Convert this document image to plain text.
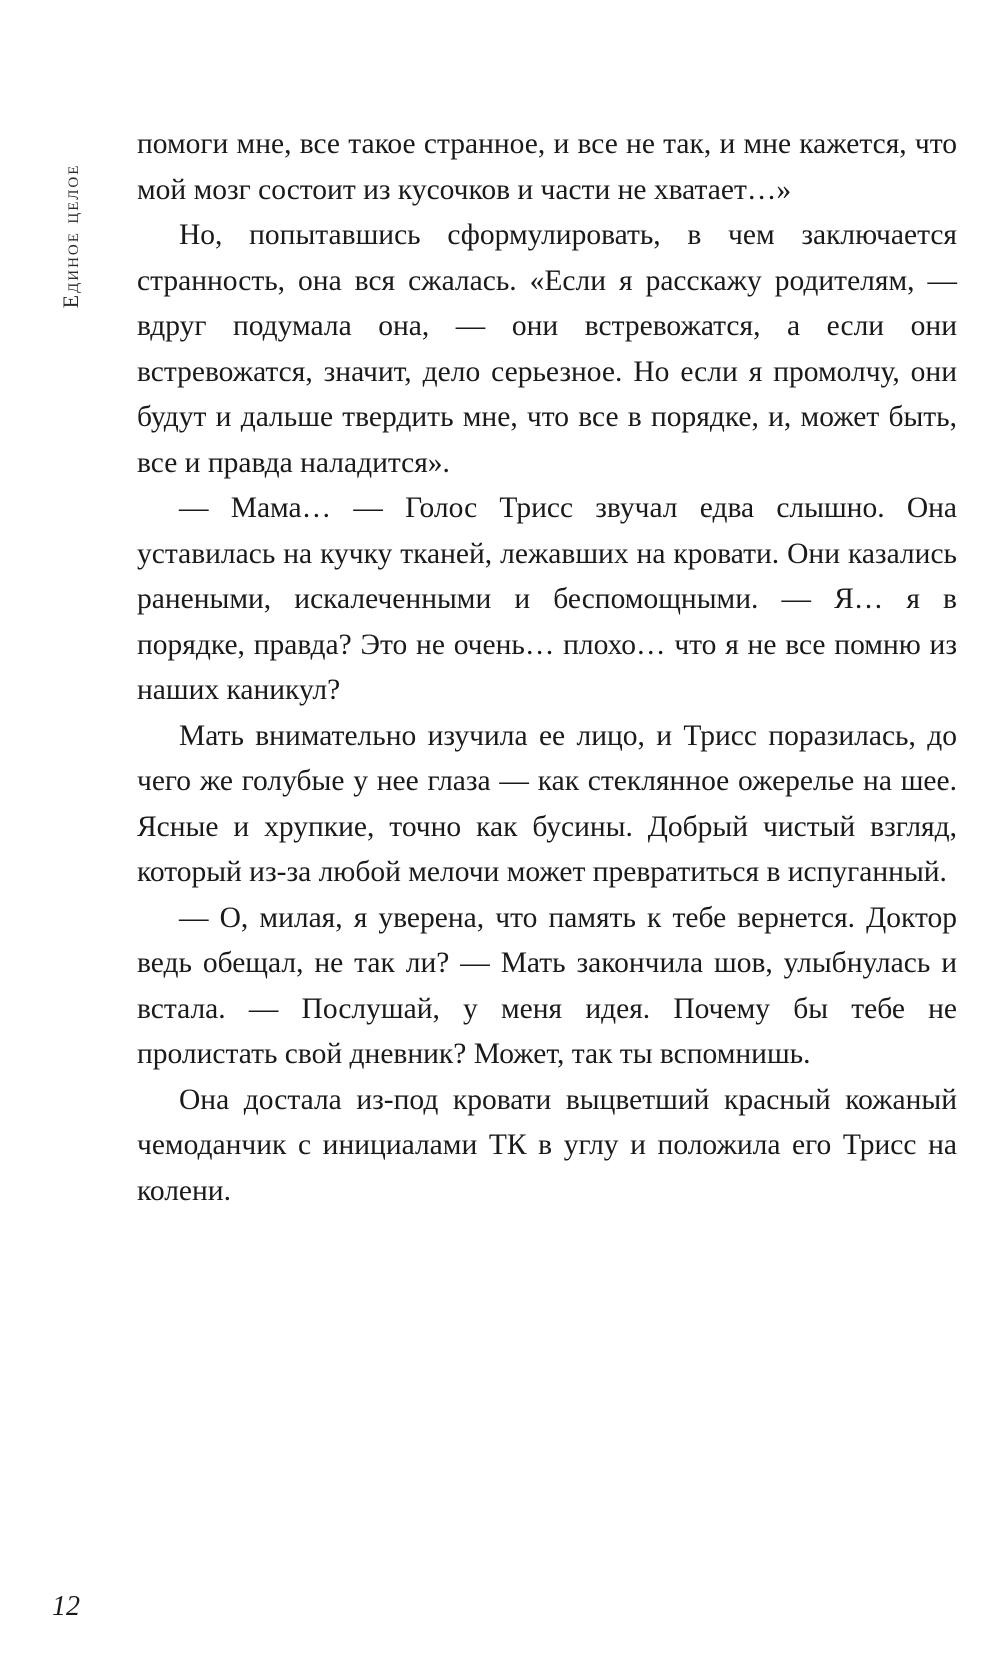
Единое целое

помоги мне, все такое странное, и все не так, и мне кажется, что мой мозг состоит из кусочков и части не хватает…»

Но, попытавшись сформулировать, в чем заключается странность, она вся сжалась. «Если я расскажу родителям, — вдруг подумала она, — они встревожатся, а если они встревожатся, значит, дело серьезное. Но если я промолчу, они будут и дальше твердить мне, что все в порядке, и, может быть, все и правда наладится».

— Мама… — Голос Трисс звучал едва слышно. Она уставилась на кучку тканей, лежавших на кровати. Они казались ранеными, искалеченными и беспомощными. — Я… я в порядке, правда? Это не очень… плохо… что я не все помню из наших каникул?

Мать внимательно изучила ее лицо, и Трисс поразилась, до чего же голубые у нее глаза — как стеклянное ожерелье на шее. Ясные и хрупкие, точно как бусины. Добрый чистый взгляд, который из-за любой мелочи может превратиться в испуганный.

— О, милая, я уверена, что память к тебе вернется. Доктор ведь обещал, не так ли? — Мать закончила шов, улыбнулась и встала. — Послушай, у меня идея. Почему бы тебе не пролистать свой дневник? Может, так ты вспомнишь.

Она достала из-под кровати выцветший красный кожаный чемоданчик с инициалами ТК в углу и положила его Трисс на колени.

12
